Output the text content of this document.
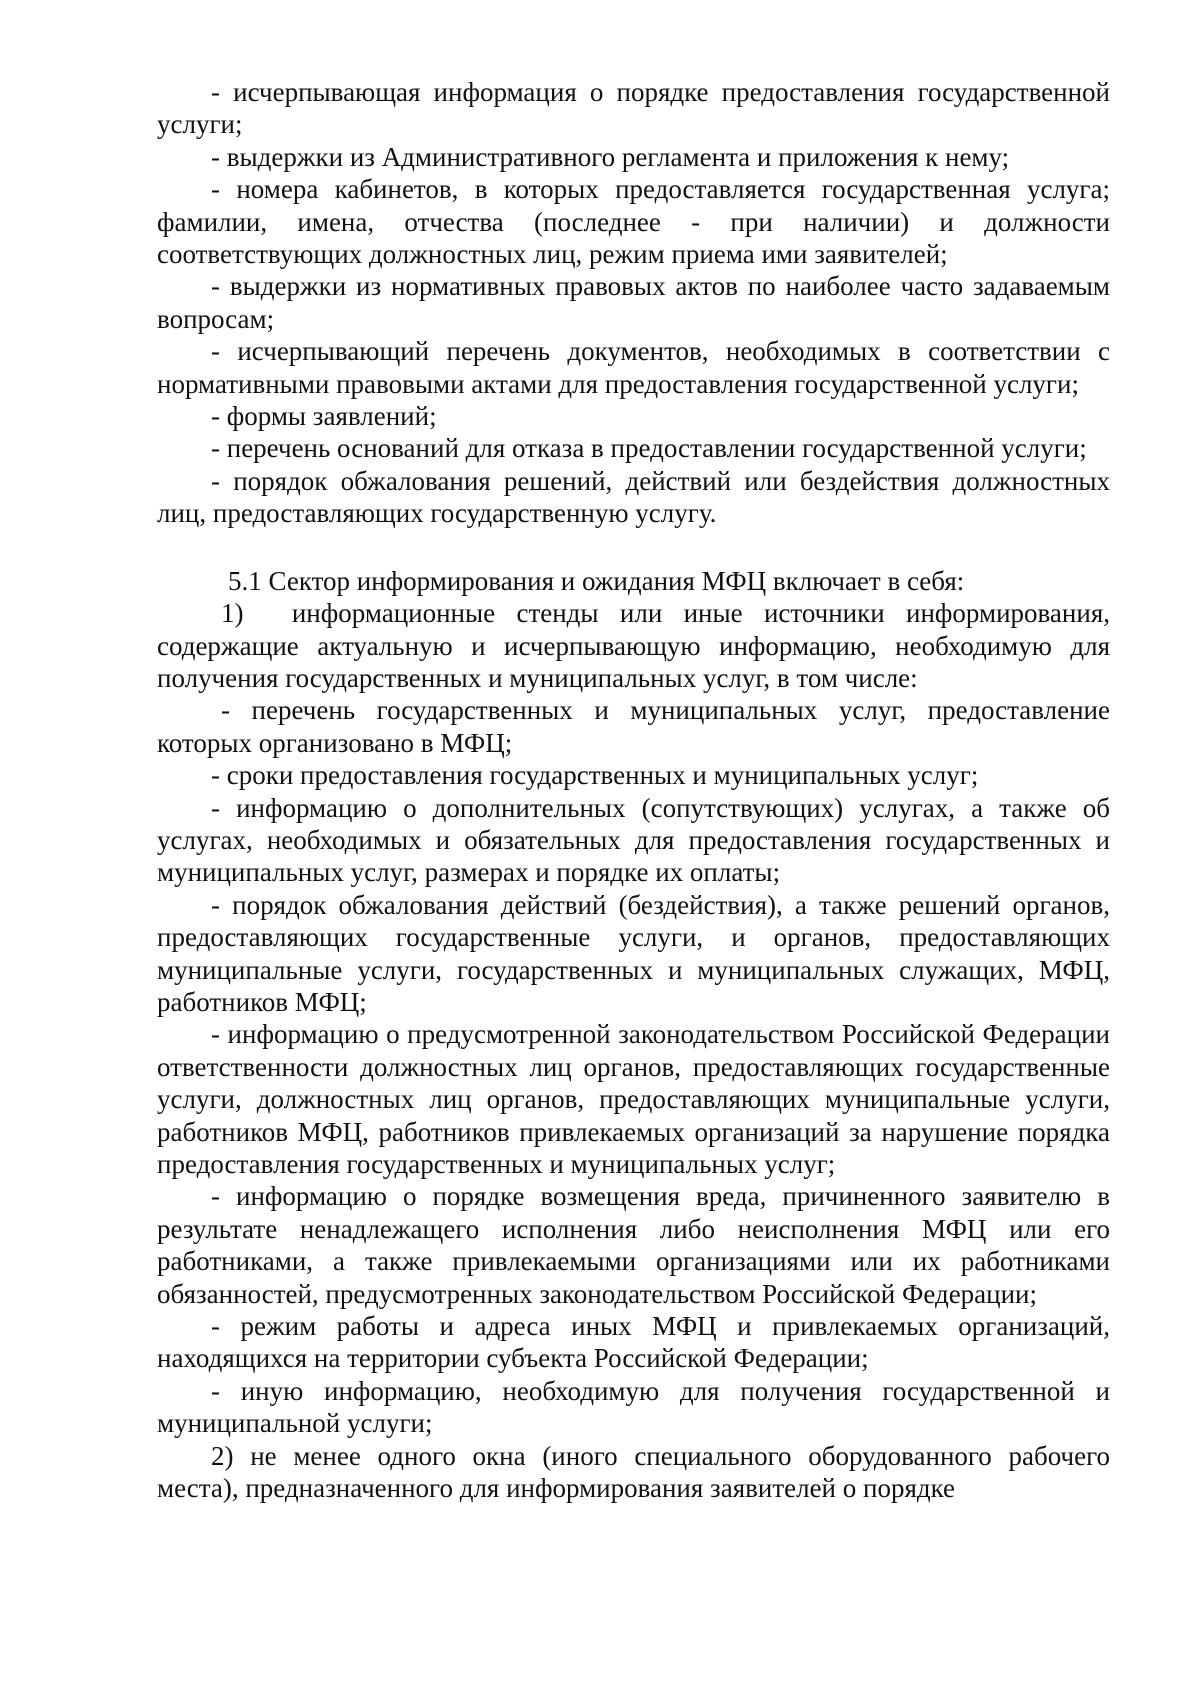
- исчерпывающая информация о порядке предоставления государственной услуги;

- выдержки из Административного регламента и приложения к нему;

- номера кабинетов, в которых предоставляется государственная услуга; фамилии, имена, отчества (последнее - при наличии) и должности соответствующих должностных лиц, режим приема ими заявителей;

- выдержки из нормативных правовых актов по наиболее часто задаваемым вопросам;

- исчерпывающий перечень документов, необходимых в соответствии с нормативными правовыми актами для предоставления государственной услуги;

- формы заявлений;

- перечень оснований для отказа в предоставлении государственной услуги;

- порядок обжалования решений, действий или бездействия должностных лиц, предоставляющих государственную услугу.

5.1 Сектор информирования и ожидания МФЦ включает в себя:

1)  информационные стенды или иные источники информирования, содержащие актуальную и исчерпывающую информацию, необходимую для получения государственных и муниципальных услуг, в том числе:

- перечень государственных и муниципальных услуг, предоставление которых организовано в МФЦ;

- сроки предоставления государственных и муниципальных услуг;

- информацию о дополнительных (сопутствующих) услугах, а также об услугах, необходимых и обязательных для предоставления государственных и муниципальных услуг, размерах и порядке их оплаты;

- порядок обжалования действий (бездействия), а также решений органов, предоставляющих государственные услуги, и органов, предоставляющих муниципальные услуги, государственных и муниципальных служащих, МФЦ, работников МФЦ;

- информацию о предусмотренной законодательством Российской Федерации ответственности должностных лиц органов, предоставляющих государственные услуги, должностных лиц органов, предоставляющих муниципальные услуги, работников МФЦ, работников привлекаемых организаций за нарушение порядка предоставления государственных и муниципальных услуг;

- информацию о порядке возмещения вреда, причиненного заявителю в результате ненадлежащего исполнения либо неисполнения МФЦ или его работниками, а также привлекаемыми организациями или их работниками обязанностей, предусмотренных законодательством Российской Федерации;

- режим работы и адреса иных МФЦ и привлекаемых организаций, находящихся на территории субъекта Российской Федерации;

- иную информацию, необходимую для получения государственной и муниципальной услуги;

2) не менее одного окна (иного специального оборудованного рабочего места), предназначенного для информирования заявителей о порядке
